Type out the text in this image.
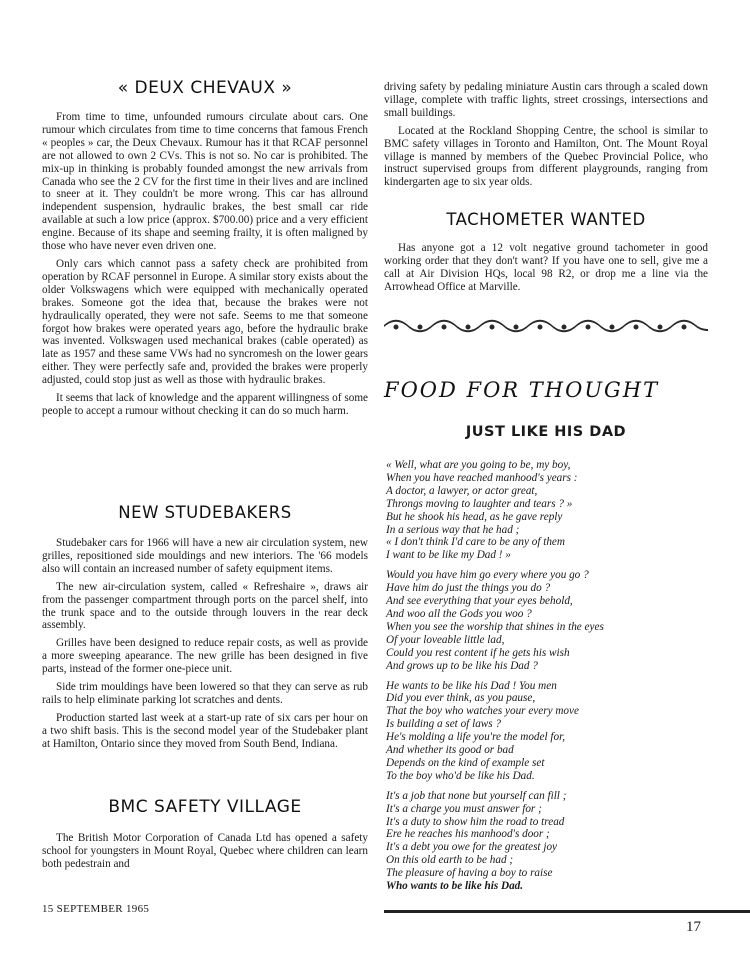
« DEUX CHEVAUX »

From time to time, unfounded rumours circulate about cars. One rumour which circulates from time to time concerns that famous French « peoples » car, the Deux Chevaux. Rumour has it that RCAF personnel are not allowed to own 2 CVs. This is not so. No car is prohibited. The mix-up in thinking is probably founded amongst the new arrivals from Canada who see the 2 CV for the first time in their lives and are inclined to sneer at it. They couldn't be more wrong. This car has allround independent suspension, hydraulic brakes, the best small car ride available at such a low price (approx. $700.00) price and a very efficient engine. Because of its shape and seeming frailty, it is often maligned by those who have never even driven one.

Only cars which cannot pass a safety check are prohibited from operation by RCAF personnel in Europe. A similar story exists about the older Volkswagens which were equipped with mechanically operated brakes. Someone got the idea that, because the brakes were not hydraulically operated, they were not safe. Seems to me that someone forgot how brakes were operated years ago, before the hydraulic brake was invented. Volkswagen used mechanical brakes (cable operated) as late as 1957 and these same VWs had no syncromesh on the lower gears either. They were perfectly safe and, provided the brakes were properly adjusted, could stop just as well as those with hydraulic brakes.

It seems that lack of knowledge and the apparent willingness of some people to accept a rumour without checking it can do so much harm.

NEW STUDEBAKERS

Studebaker cars for 1966 will have a new air circulation system, new grilles, repositioned side mouldings and new interiors. The '66 models also will contain an increased number of safety equipment items.

The new air-circulation system, called « Refreshaire », draws air from the passenger compartment through ports on the parcel shelf, into the trunk space and to the outside through louvers in the rear deck assembly.

Grilles have been designed to reduce repair costs, as well as provide a more sweeping apearance. The new grille has been designed in five parts, instead of the former one-piece unit.

Side trim mouldings have been lowered so that they can serve as rub rails to help eliminate parking lot scratches and dents.

Production started last week at a start-up rate of six cars per hour on a two shift basis. This is the second model year of the Studebaker plant at Hamilton, Ontario since they moved from South Bend, Indiana.

BMC SAFETY VILLAGE

The British Motor Corporation of Canada Ltd has opened a safety school for youngsters in Mount Royal, Quebec where children can learn both pedestrain and

driving safety by pedaling miniature Austin cars through a scaled down village, complete with traffic lights, street crossings, intersections and small buildings.

Located at the Rockland Shopping Centre, the school is similar to BMC safety villages in Toronto and Hamilton, Ont. The Mount Royal village is manned by members of the Quebec Provincial Police, who instruct supervised groups from different playgrounds, ranging from kindergarten age to six year olds.

TACHOMETER WANTED

Has anyone got a 12 volt negative ground tachometer in good working order that they don't want? If you have one to sell, give me a call at Air Division HQs, local 98 R2, or drop me a line via the Arrowhead Office at Marville.

FOOD FOR THOUGHT
JUST LIKE HIS DAD
« Well, what are you going to be, my boy,
When you have reached manhood's years :
A doctor, a lawyer, or actor great,
Throngs moving to laughter and tears ? »
But he shook his head, as he gave reply
In a serious way that he had ;
« I don't think I'd care to be any of them
I want to be like my Dad ! »
Would you have him go every where you go ?
Have him do just the things you do ?
And see everything that your eyes behold,
And woo all the Gods you woo ?
When you see the worship that shines in the eyes
Of your loveable little lad,
Could you rest content if he gets his wish
And grows up to be like his Dad ?
He wants to be like his Dad ! You men
Did you ever think, as you pause,
That the boy who watches your every move
Is building a set of laws ?
He's molding a life you're the model for,
And whether its good or bad
Depends on the kind of example set
To the boy who'd be like his Dad.
It's a job that none but yourself can fill ;
It's a charge you must answer for ;
It's a duty to show him the road to tread
Ere he reaches his manhood's door ;
It's a debt you owe for the greatest joy
On this old earth to be had ;
The pleasure of having a boy to raise
Who wants to be like his Dad.
15 SEPTEMBER 1965
17
